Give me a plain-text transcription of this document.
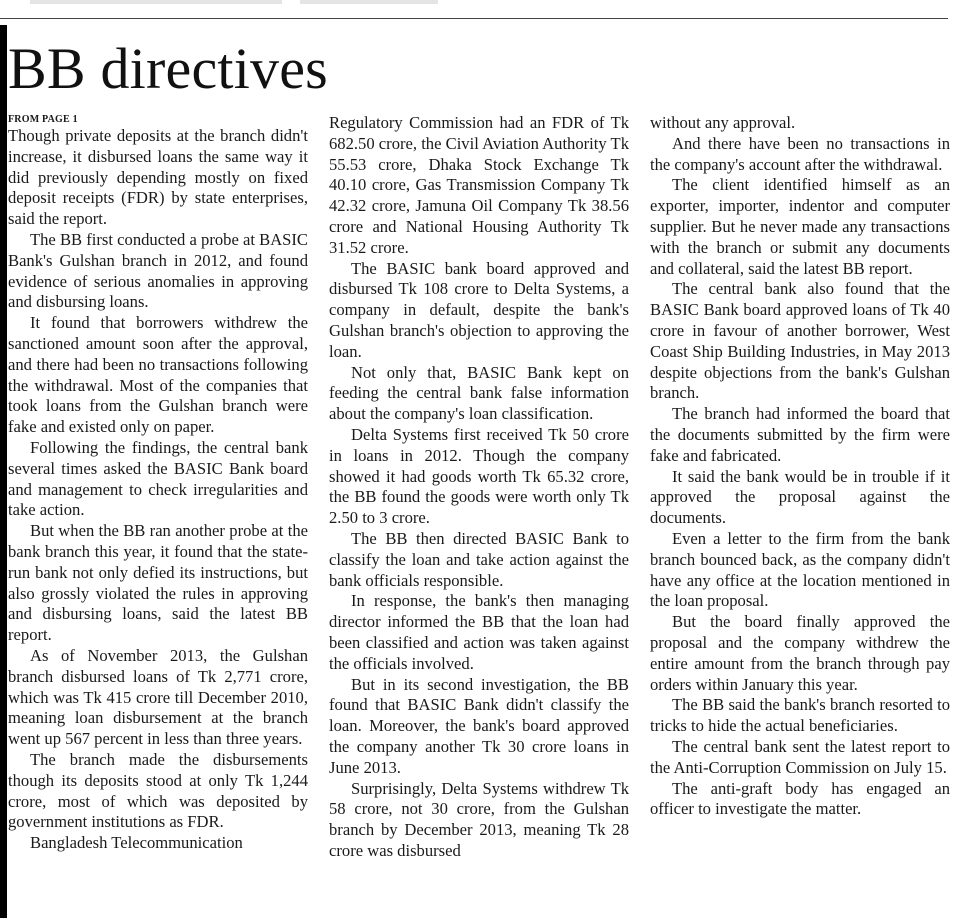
BB directives
FROM PAGE 1

Though private deposits at the branch didn't increase, it disbursed loans the same way it did previously depending mostly on fixed deposit receipts (FDR) by state enterprises, said the report.

The BB first conducted a probe at BASIC Bank's Gulshan branch in 2012, and found evidence of serious anomalies in approving and disbursing loans.

It found that borrowers withdrew the sanctioned amount soon after the approval, and there had been no transactions following the withdrawal. Most of the companies that took loans from the Gulshan branch were fake and existed only on paper.

Following the findings, the central bank several times asked the BASIC Bank board and management to check irregularities and take action.

But when the BB ran another probe at the bank branch this year, it found that the state-run bank not only defied its instructions, but also grossly violated the rules in approving and disbursing loans, said the latest BB report.

As of November 2013, the Gulshan branch disbursed loans of Tk 2,771 crore, which was Tk 415 crore till December 2010, meaning loan disbursement at the branch went up 567 percent in less than three years.

The branch made the disbursements though its deposits stood at only Tk 1,244 crore, most of which was deposited by government institutions as FDR.

Bangladesh Telecommunication

Regulatory Commission had an FDR of Tk 682.50 crore, the Civil Aviation Authority Tk 55.53 crore, Dhaka Stock Exchange Tk 40.10 crore, Gas Transmission Company Tk 42.32 crore, Jamuna Oil Company Tk 38.56 crore and National Housing Authority Tk 31.52 crore.

The BASIC bank board approved and disbursed Tk 108 crore to Delta Systems, a company in default, despite the bank's Gulshan branch's objection to approving the loan.

Not only that, BASIC Bank kept on feeding the central bank false information about the company's loan classification.

Delta Systems first received Tk 50 crore in loans in 2012. Though the company showed it had goods worth Tk 65.32 crore, the BB found the goods were worth only Tk 2.50 to 3 crore.

The BB then directed BASIC Bank to classify the loan and take action against the bank officials responsible.

In response, the bank's then managing director informed the BB that the loan had been classified and action was taken against the officials involved.

But in its second investigation, the BB found that BASIC Bank didn't classify the loan. Moreover, the bank's board approved the company another Tk 30 crore loans in June 2013.

Surprisingly, Delta Systems withdrew Tk 58 crore, not 30 crore, from the Gulshan branch by December 2013, meaning Tk 28 crore was disbursed

without any approval.

And there have been no transactions in the company's account after the withdrawal.

The client identified himself as an exporter, importer, indentor and computer supplier. But he never made any transactions with the branch or submit any documents and collateral, said the latest BB report.

The central bank also found that the BASIC Bank board approved loans of Tk 40 crore in favour of another borrower, West Coast Ship Building Industries, in May 2013 despite objections from the bank's Gulshan branch.

The branch had informed the board that the documents submitted by the firm were fake and fabricated.

It said the bank would be in trouble if it approved the proposal against the documents.

Even a letter to the firm from the bank branch bounced back, as the company didn't have any office at the location mentioned in the loan proposal.

But the board finally approved the proposal and the company withdrew the entire amount from the branch through pay orders within January this year.

The BB said the bank's branch resorted to tricks to hide the actual beneficiaries.

The central bank sent the latest report to the Anti-Corruption Commission on July 15.

The anti-graft body has engaged an officer to investigate the matter.
